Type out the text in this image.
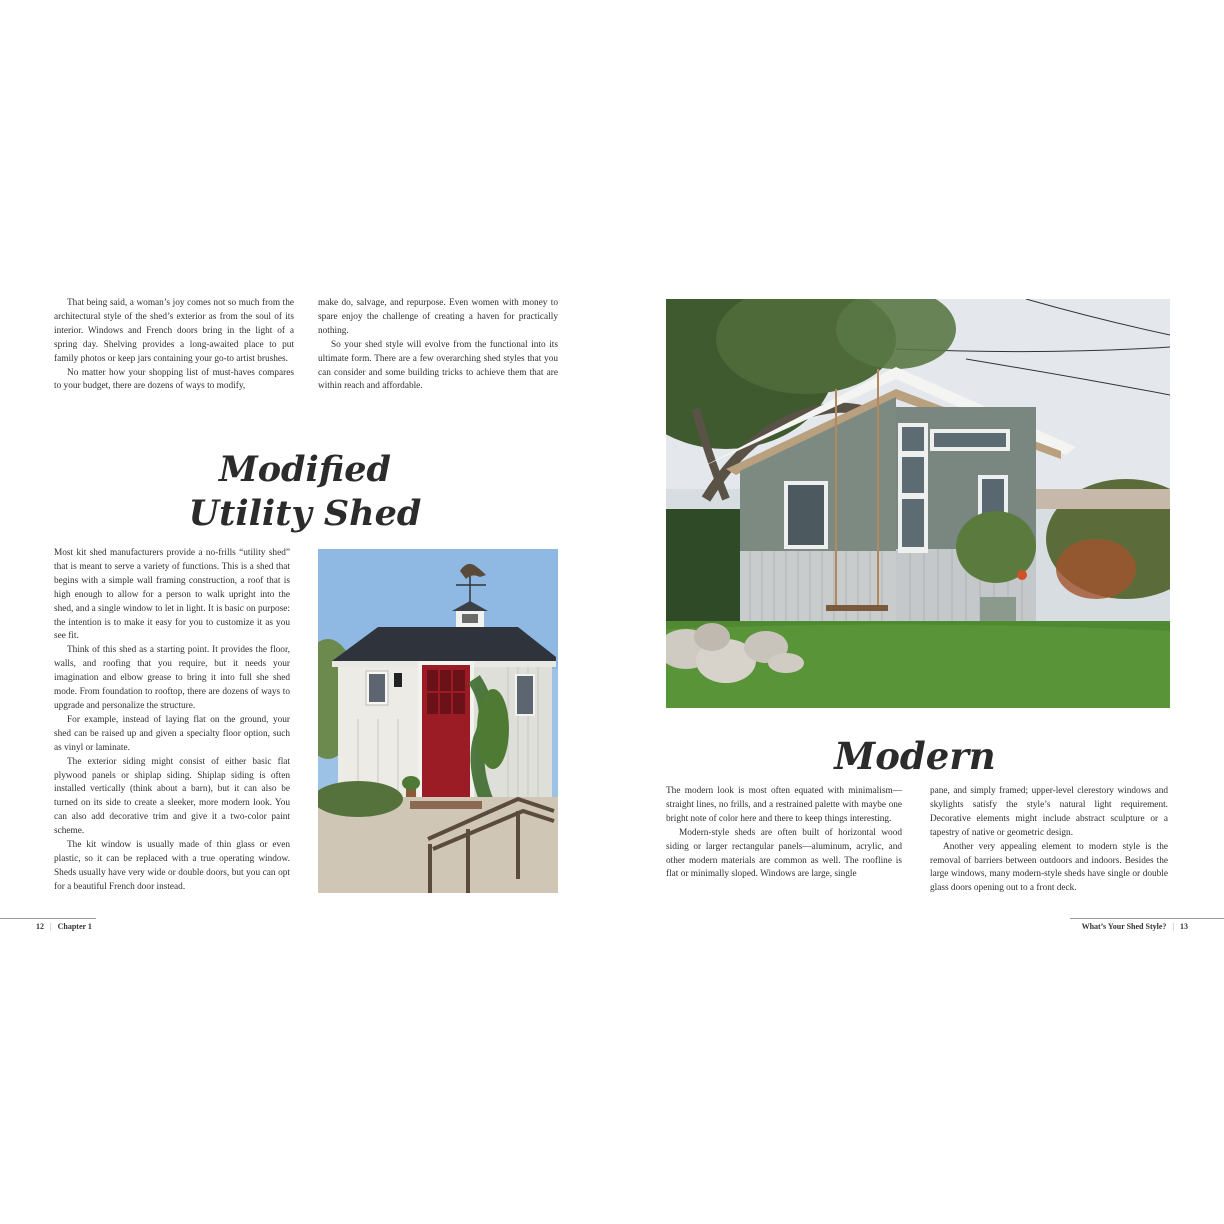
That being said, a woman’s joy comes not so much from the architectural style of the shed’s exterior as from the soul of its interior. Windows and French doors bring in the light of a spring day. Shelving provides a long-awaited place to put family photos or keep jars containing your go-to artist brushes.

No matter how your shopping list of must-haves compares to your budget, there are dozens of ways to modify,

make do, salvage, and repurpose. Even women with money to spare enjoy the challenge of creating a haven for practically nothing.

So your shed style will evolve from the functional into its ultimate form. There are a few overarching shed styles that you can consider and some building tricks to achieve them that are within reach and affordable.

Modified
Utility Shed

Most kit shed manufacturers provide a no-frills “utility shed” that is meant to serve a variety of functions. This is a shed that begins with a simple wall framing construction, a roof that is high enough to allow for a person to walk upright into the shed, and a single window to let in light. It is basic on purpose: the intention is to make it easy for you to customize it as you see fit.

Think of this shed as a starting point. It provides the floor, walls, and roofing that you require, but it needs your imagination and elbow grease to bring it into full she shed mode. From foundation to rooftop, there are dozens of ways to upgrade and personalize the structure.

For example, instead of laying flat on the ground, your shed can be raised up and given a specialty floor option, such as vinyl or laminate.

The exterior siding might consist of either basic flat plywood panels or shiplap siding. Shiplap siding is often installed vertically (think about a barn), but it can also be turned on its side to create a sleeker, more modern look. You can also add decorative trim and give it a two-color paint scheme.

The kit window is usually made of thin glass or even plastic, so it can be replaced with a true operating window. Sheds usually have very wide or double doors, but you can opt for a beautiful French door instead.

Modern

The modern look is most often equated with minimalism—straight lines, no frills, and a restrained palette with maybe one bright note of color here and there to keep things interesting.

Modern-style sheds are often built of horizontal wood siding or larger rectangular panels—aluminum, acrylic, and other modern materials are common as well. The roofline is flat or minimally sloped. Windows are large, single

pane, and simply framed; upper-level clerestory windows and skylights satisfy the style’s natural light requirement. Decorative elements might include abstract sculpture or a tapestry of native or geometric design.

Another very appealing element to modern style is the removal of barriers between outdoors and indoors. Besides the large windows, many modern-style sheds have single or double glass doors opening out to a front deck.

12 | Chapter 1	What’s Your Shed Style? | 13
